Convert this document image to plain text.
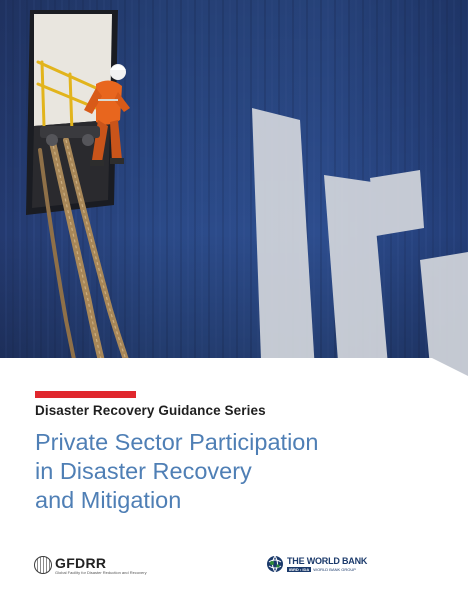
Disaster Recovery Guidance Series
Private Sector Participation
in Disaster Recovery
and Mitigation
GFDRR
Global Facility for Disaster Reduction and Recovery
THE WORLD BANK
IBRD • IDA	WORLD BANK GROUP
